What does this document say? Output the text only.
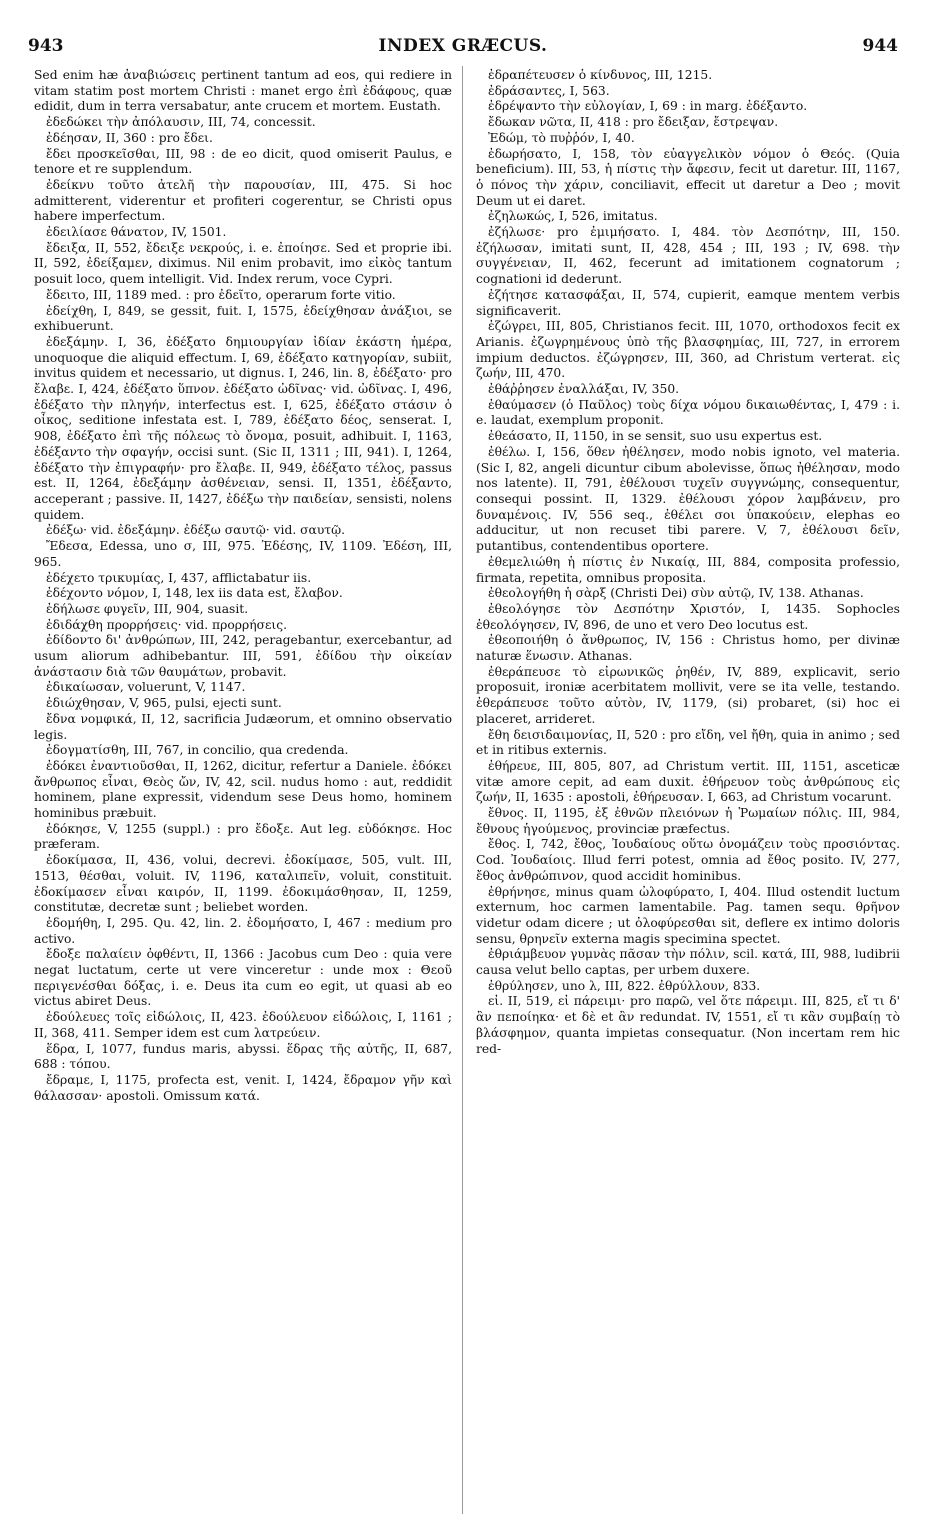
943	INDEX GRÆCUS.	944

Sed enim hæ ἀναβιώσεις pertinent tantum ad eos, qui rediere in vitam statim post mortem Christi : manet ergo ἐπὶ ἐδάφους, quæ edidit, dum in terra versabatur, ante crucem et mortem. Eustath.

ἐδεδώκει τὴν ἀπόλαυσιν, III, 74, concessit.

ἐδέησαν, II, 360 : pro ἔδει.

ἔδει προσκεῖσθαι, III, 98 : de eo dicit, quod omiserit Paulus, e tenore et re supplendum.

ἐδείκνυ τοῦτο ἀτελῆ τὴν παρουσίαν, III, 475. Si hoc admitterent, viderentur et profiteri cogerentur, se Christi opus habere imperfectum.

ἐδειλίασε θάνατον, IV, 1501.

ἔδειξα, II, 552, ἔδειξε νεκρούς, i. e. ἐποίησε. Sed et proprie ibi. II, 592, ἐδείξαμεν, diximus. Nil enim probavit, imo εἰκὸς tantum posuit loco, quem intelligit. Vid. Index rerum, voce Cypri.

ἔδειτο, III, 1189 med. : pro ἐδεῖτο, operarum forte vitio.

ἐδείχθη, I, 849, se gessit, fuit. I, 1575, ἐδείχθησαν ἀνάξιοι, se exhibuerunt.

ἐδεξάμην. I, 36, ἐδέξατο δημιουργίαν ἰδίαν ἑκάστη ἡμέρα, unoquoque die aliquid effectum. I, 69, ἐδέξατο κατηγορίαν, subiit, invitus quidem et necessario, ut dignus. I, 246, lin. 8, ἐδέξατο· pro ἔλαβε. I, 424, ἐδέξατο ὕπνον. ἐδέξατο ὠδῖνας· vid. ὠδῖνας. I, 496, ἐδέξατο τὴν πληγήν, interfectus est. I, 625, ἐδέξατο στάσιν ὁ οἶκος, seditione infestata est. I, 789, ἐδέξατο δέος, senserat. I, 908, ἐδέξατο ἐπὶ τῆς πόλεως τὸ ὄνομα, posuit, adhibuit. I, 1163, ἐδέξαντο τὴν σφαγήν, occisi sunt. (Sic II, 1311 ; III, 941). I, 1264, ἐδέξατο τὴν ἐπιγραφήν· pro ἔλαβε. II, 949, ἐδέξατο τέλος, passus est. II, 1264, ἐδεξάμην ἀσθένειαν, sensi. II, 1351, ἐδέξαντο, acceperant ; passive. II, 1427, ἐδέξω τὴν παιδείαν, sensisti, nolens quidem.

ἐδέξω· vid. ἐδεξάμην. ἐδέξω σαυτῷ· vid. σαυτῷ.

Ἔδεσα, Edessa, uno σ, III, 975. Ἐδέσης, IV, 1109. Ἐδέση, III, 965.

ἐδέχετο τρικυμίας, I, 437, afflictabatur iis.

ἐδέχοντο νόμον, I, 148, lex iis data est, ἔλαβον.

ἐδήλωσε φυγεῖν, III, 904, suasit.

ἐδιδάχθη προρρήσεις· vid. προρρήσεις.

ἐδίδοντο δι' ἀνθρώπων, III, 242, peragebantur, exercebantur, ad usum aliorum adhibebantur. III, 591, ἐδίδου τὴν οἰκείαν ἀνάστασιν διὰ τῶν θαυμάτων, probavit.

ἐδικαίωσαν, voluerunt, V, 1147.

ἐδιώχθησαν, V, 965, pulsi, ejecti sunt.

ἔδνα νομφικά, II, 12, sacrificia Judæorum, et omnino observatio legis.

ἐδογματίσθη, III, 767, in concilio, qua credenda.

ἐδόκει ἐναντιοῦσθαι, II, 1262, dicitur, refertur a Daniele. ἐδόκει ἄνθρωπος εἶναι, Θεὸς ὤν, IV, 42, scil. nudus homo : aut, reddidit hominem, plane expressit, videndum sese Deus homo, hominem hominibus præbuit.

ἐδόκησε, V, 1255 (suppl.) : pro ἔδοξε. Aut leg. εὐδόκησε. Hoc præferam.

ἐδοκίμασα, II, 436, volui, decrevi. ἐδοκίμασε, 505, vult. III, 1513, θέσθαι, voluit. IV, 1196, καταλιπεῖν, voluit, constituit. ἐδοκίμασεν εἶναι καιρόν, II, 1199. ἐδοκιμάσθησαν, II, 1259, constitutæ, decretæ sunt ; beliebet worden.

ἐδομήθη, I, 295. Qu. 42, lin. 2. ἐδομήσατο, I, 467 : medium pro activo.

ἔδοξε παλαίειν ὀφθέντι, II, 1366 : Jacobus cum Deo : quia vere negat luctatum, certe ut vere vinceretur : unde mox : Θεοῦ περιγενέσθαι δόξας, i. e. Deus ita cum eo egit, ut quasi ab eo victus abiret Deus.

ἐδούλευες τοῖς εἰδώλοις, II, 423. ἐδούλευον εἰδώλοις, I, 1161 ; II, 368, 411. Semper idem est cum λατρεύειν.

ἕδρα, I, 1077, fundus maris, abyssi. ἕδρας τῆς αὐτῆς, II, 687, 688 : τόπου.

ἔδραμε, I, 1175, profecta est, venit. I, 1424, ἔδραμον γῆν καὶ θάλασσαν· apostoli. Omissum κατά.

ἐδραπέτευσεν ὁ κίνδυνος, III, 1215.

ἐδράσαντες, I, 563.

ἐδρέψαντο τὴν εὐλογίαν, I, 69 : in marg. ἐδέξαντο.

ἔδωκαν νῶτα, II, 418 : pro ἔδειξαν, ἔστρεψαν.

Ἐδώμ, τὸ πυῤῥόν, I, 40.

ἐδωρήσατο, I, 158, τὸν εὐαγγελικὸν νόμον ὁ Θεός. (Quia beneficium). III, 53, ἡ πίστις τὴν ἄφεσιν, fecit ut daretur. III, 1167, ὁ πόνος τὴν χάριν, conciliavit, effecit ut daretur a Deo ; movit Deum ut ei daret.

ἐζηλωκώς, I, 526, imitatus.

ἐζήλωσε· pro ἐμιμήσατο. I, 484. τὸν Δεσπότην, III, 150. ἐζήλωσαν, imitati sunt, II, 428, 454 ; III, 193 ; IV, 698. τὴν συγγένειαν, II, 462, fecerunt ad imitationem cognatorum ; cognationi id dederunt.

ἐζήτησε κατασφάξαι, II, 574, cupierit, eamque mentem verbis significaverit.

ἐζώγρει, III, 805, Christianos fecit. III, 1070, orthodoxos fecit ex Arianis. ἐζωγρημένους ὑπὸ τῆς βλασφημίας, III, 727, in errorem impium deductos. ἐζώγρησεν, III, 360, ad Christum verterat. εἰς ζωήν, III, 470.

ἐθάῤῥησεν ἐναλλάξαι, IV, 350.

ἐθαύμασεν (ὁ Παῦλος) τοὺς δίχα νόμου δικαιωθέντας, I, 479 : i. e. laudat, exemplum proponit.

ἐθεάσατο, II, 1150, in se sensit, suo usu expertus est.

ἐθέλω. I, 156, ὅθεν ἠθέλησεν, modo nobis ignoto, vel materia. (Sic I, 82, angeli dicuntur cibum abolevisse, ὅπως ἠθέλησαν, modo nos latente). II, 791, ἐθέλουσι τυχεῖν συγγνώμης, consequentur, consequi possint. II, 1329. ἐθέλουσι χόρον λαμβάνειν, pro δυναμένοις. IV, 556 seq., ἐθέλει σοι ὑπακούειν, elephas eo adducitur, ut non recuset tibi parere. V, 7, ἐθέλουσι δεῖν, putantibus, contendentibus oportere.

ἐθεμελιώθη ἡ πίστις ἐν Νικαίᾳ, III, 884, composita professio, firmata, repetita, omnibus proposita.

ἐθεολογήθη ἡ σὰρξ (Christi Dei) σὺν αὐτῷ, IV, 138. Athanas.

ἐθεολόγησε τὸν Δεσπότην Χριστόν, I, 1435. Sophocles ἐθεολόγησεν, IV, 896, de uno et vero Deo locutus est.

ἐθεοποιήθη ὁ ἄνθρωπος, IV, 156 : Christus homo, per divinæ naturæ ἕνωσιν. Athanas.

ἐθεράπευσε τὸ εἰρωνικῶς ῥηθέν, IV, 889, explicavit, serio proposuit, ironiæ acerbitatem mollivit, vere se ita velle, testando. ἐθεράπευσε τοῦτο αὐτὸν, IV, 1179, (si) probaret, (si) hoc ei placeret, arrideret.

ἔθη δεισιδαιμονίας, II, 520 : pro εἴδη, vel ἤθη, quia in animo ; sed et in ritibus externis.

ἐθήρευε, III, 805, 807, ad Christum vertit. III, 1151, asceticæ vitæ amore cepit, ad eam duxit. ἐθήρευον τοὺς ἀνθρώπους εἰς ζωήν, II, 1635 : apostoli, ἐθήρευσαν. I, 663, ad Christum vocarunt.

ἔθνος. II, 1195, ἐξ ἐθνῶν πλειόνων ἡ Ῥωμαίων πόλις. III, 984, ἔθνους ἡγούμενος, provinciæ præfectus.

ἔθος. I, 742, ἔθος, Ἰουδαίους οὕτω ὀνομάζειν τοὺς προσιόντας. Cod. Ἰουδαίοις. Illud ferri potest, omnia ad ἔθος posito. IV, 277, ἔθος ἀνθρώπινον, quod accidit hominibus.

ἐθρήνησε, minus quam ὠλοφύρατο, I, 404. Illud ostendit luctum externum, hoc carmen lamentabile. Pag. tamen sequ. θρῆνον videtur odam dicere ; ut ὀλοφύρεσθαι sit, deflere ex intimo doloris sensu, θρηνεῖν externa magis specimina spectet.

ἐθριάμβευον γυμνὰς πᾶσαν τὴν πόλιν, scil. κατά, III, 988, ludibrii causa velut bello captas, per urbem duxere.

ἐθρύλησεν, uno λ, III, 822. ἐθρύλλουν, 833.

εἰ. II, 519, εἰ πάρειμι· pro παρῶ, vel ὅτε πάρειμι. III, 825, εἴ τι δ' ἂν πεποίηκα· et δὲ et ἂν redundat. IV, 1551, εἴ τι κἂν συμβαίῃ τὸ βλάσφημον, quanta impietas consequatur. (Non incertam rem hic red-
